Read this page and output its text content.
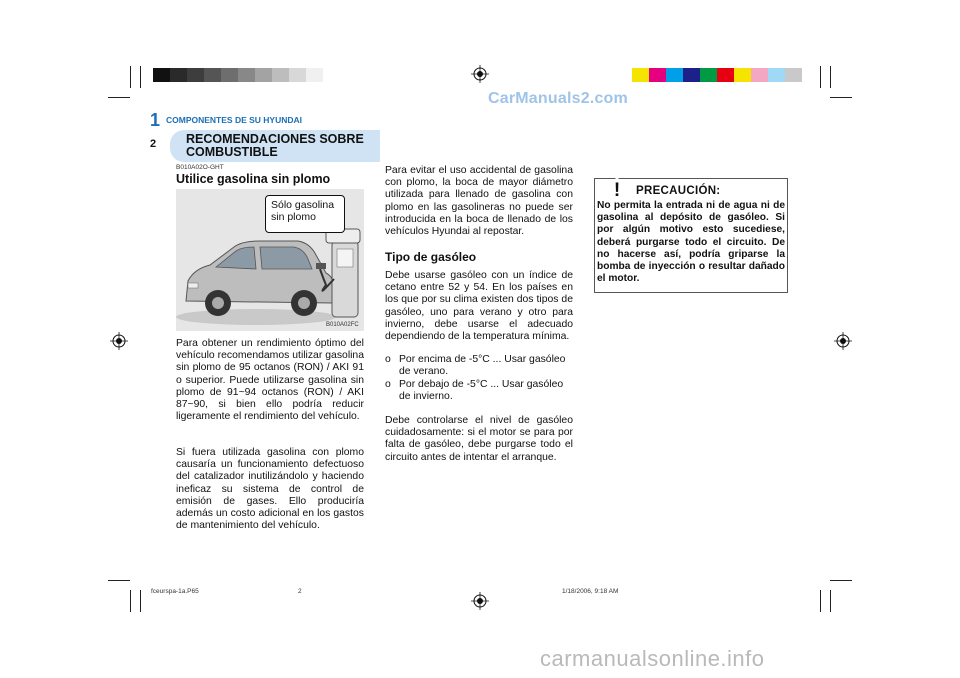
CarManuals2.com
1 COMPONENTES DE SU HYUNDAI
2 RECOMENDACIONES SOBRE COMBUSTIBLE
B010A02O-GHT
Utilice gasolina sin plomo
Sólo gasolina
sin plomo
B010A02FC
Para obtener un rendimiento óptimo del vehículo recomendamos utilizar gasolina sin plomo de 95 octanos (RON) / AKI 91 o superior. Puede utilizarse gasolina sin plomo de 91~94 octanos (RON) / AKI 87~90, si bien ello podría reducir ligeramente el rendimiento del vehículo.
Si fuera utilizada gasolina con plomo causaría un funcionamiento defectuoso del catalizador inutilizándolo y haciendo ineficaz su sistema de control de emisión de gases. Ello produciría además un costo adicional en los gastos de mantenimiento del vehículo.
Para evitar el uso accidental de gasolina con plomo, la boca de mayor diámetro utilizada para llenado de gasolina con plomo en las gasolineras no puede ser introducida en la boca de llenado de los vehículos Hyundai al repostar.
Tipo de gasóleo
Debe usarse gasóleo con un índice de cetano entre 52 y 54. En los países en los que por su clima existen dos tipos de gasóleo, uno para verano y otro para invierno, debe usarse el adecuado dependiendo de la temperatura mínima.
o Por encima de -5°C ... Usar gasóleo de verano.
o Por debajo de -5°C ... Usar gasóleo de invierno.
Debe controlarse el nivel de gasóleo cuidadosamente: si el motor se para por falta de gasóleo, debe purgarse todo el circuito antes de intentar el arranque.
! PRECAUCIÓN:
No permita la entrada ni de agua ni de gasolina al depósito de gasóleo. Si por algún motivo esto sucediese, deberá purgarse todo el circuito. De no hacerse así, podría griparse la bomba de inyección o resultar dañado el motor.
fceurspa-1a.P65	2	1/18/2006, 9:18 AM
carmanualsonline.info
